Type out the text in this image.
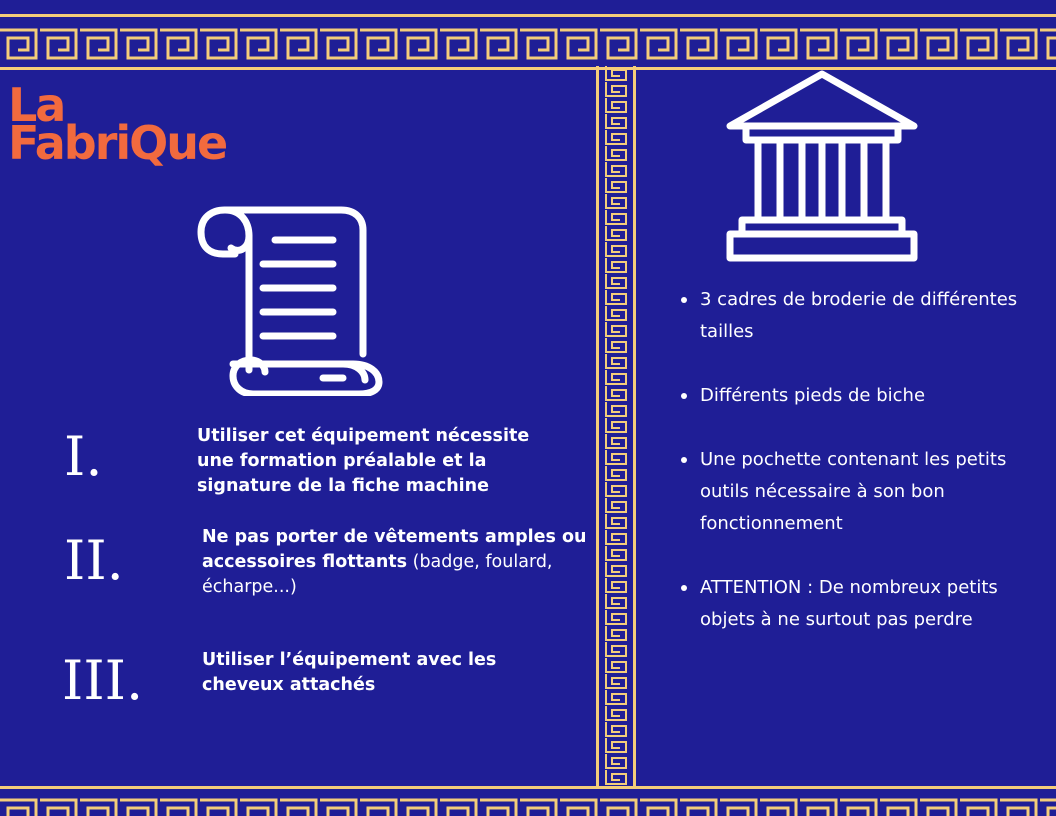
La
FabriQue
I.	Utiliser cet équipement nécessite une formation préalable et la signature de la fiche machine
II.	Ne pas porter de vêtements amples ou accessoires flottants (badge, foulard, écharpe...)
III.	Utiliser l’équipement avec les cheveux attachés
3 cadres de broderie de différentes tailles
Différents pieds de biche
Une pochette contenant les petits outils nécessaire à son bon fonctionnement
ATTENTION : De nombreux petits objets à ne surtout pas perdre
